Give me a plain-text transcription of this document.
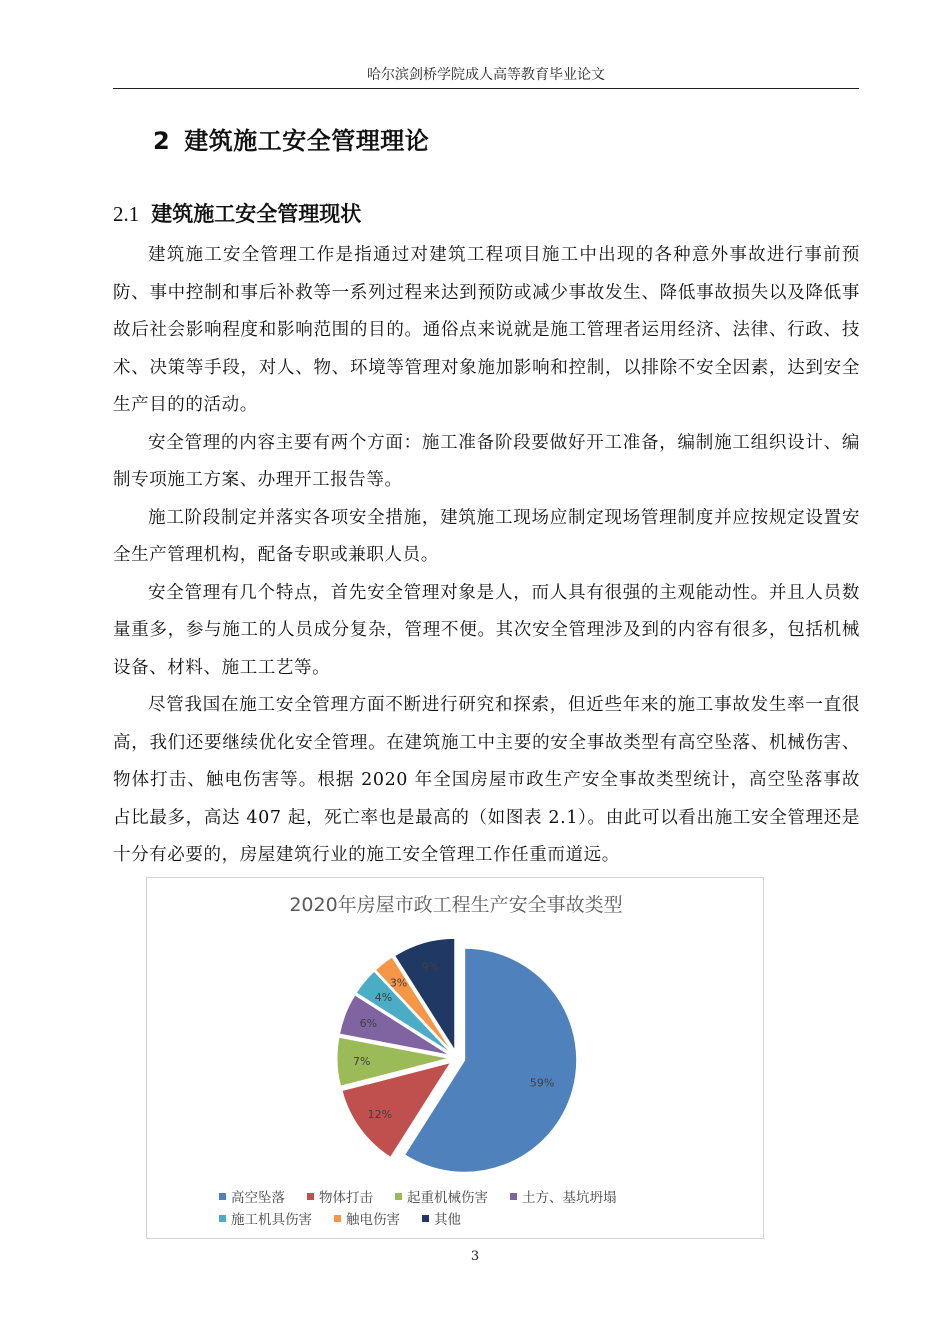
哈尔滨剑桥学院成人高等教育毕业论文
2 建筑施工安全管理理论
2.1 建筑施工安全管理现状

建筑施工安全管理工作是指通过对建筑工程项目施工中出现的各种意外事故进行事前预防、事中控制和事后补救等一系列过程来达到预防或减少事故发生、降低事故损失以及降低事故后社会影响程度和影响范围的目的。通俗点来说就是施工管理者运用经济、法律、行政、技术、决策等手段，对人、物、环境等管理对象施加影响和控制，以排除不安全因素，达到安全生产目的的活动。

安全管理的内容主要有两个方面：施工准备阶段要做好开工准备，编制施工组织设计、编制专项施工方案、办理开工报告等。

施工阶段制定并落实各项安全措施，建筑施工现场应制定现场管理制度并应按规定设置安全生产管理机构，配备专职或兼职人员。

安全管理有几个特点，首先安全管理对象是人，而人具有很强的主观能动性。并且人员数量重多，参与施工的人员成分复杂，管理不便。其次安全管理涉及到的内容有很多，包括机械设备、材料、施工工艺等。

尽管我国在施工安全管理方面不断进行研究和探索，但近些年来的施工事故发生率一直很高，我们还要继续优化安全管理。在建筑施工中主要的安全事故类型有高空坠落、机械伤害、物体打击、触电伤害等。根据 2020 年全国房屋市政生产安全事故类型统计，高空坠落事故占比最多，高达 407 起，死亡率也是最高的（如图表 2.1）。由此可以看出施工安全管理还是十分有必要的，房屋建筑行业的施工安全管理工作任重而道远。

2020年房屋市政工程生产安全事故类型
59%
12%
7%
6%
4%
3%
9%
高空坠落	物体打击	起重机械伤害	土方、基坑坍塌
施工机具伤害	触电伤害	其他
3
